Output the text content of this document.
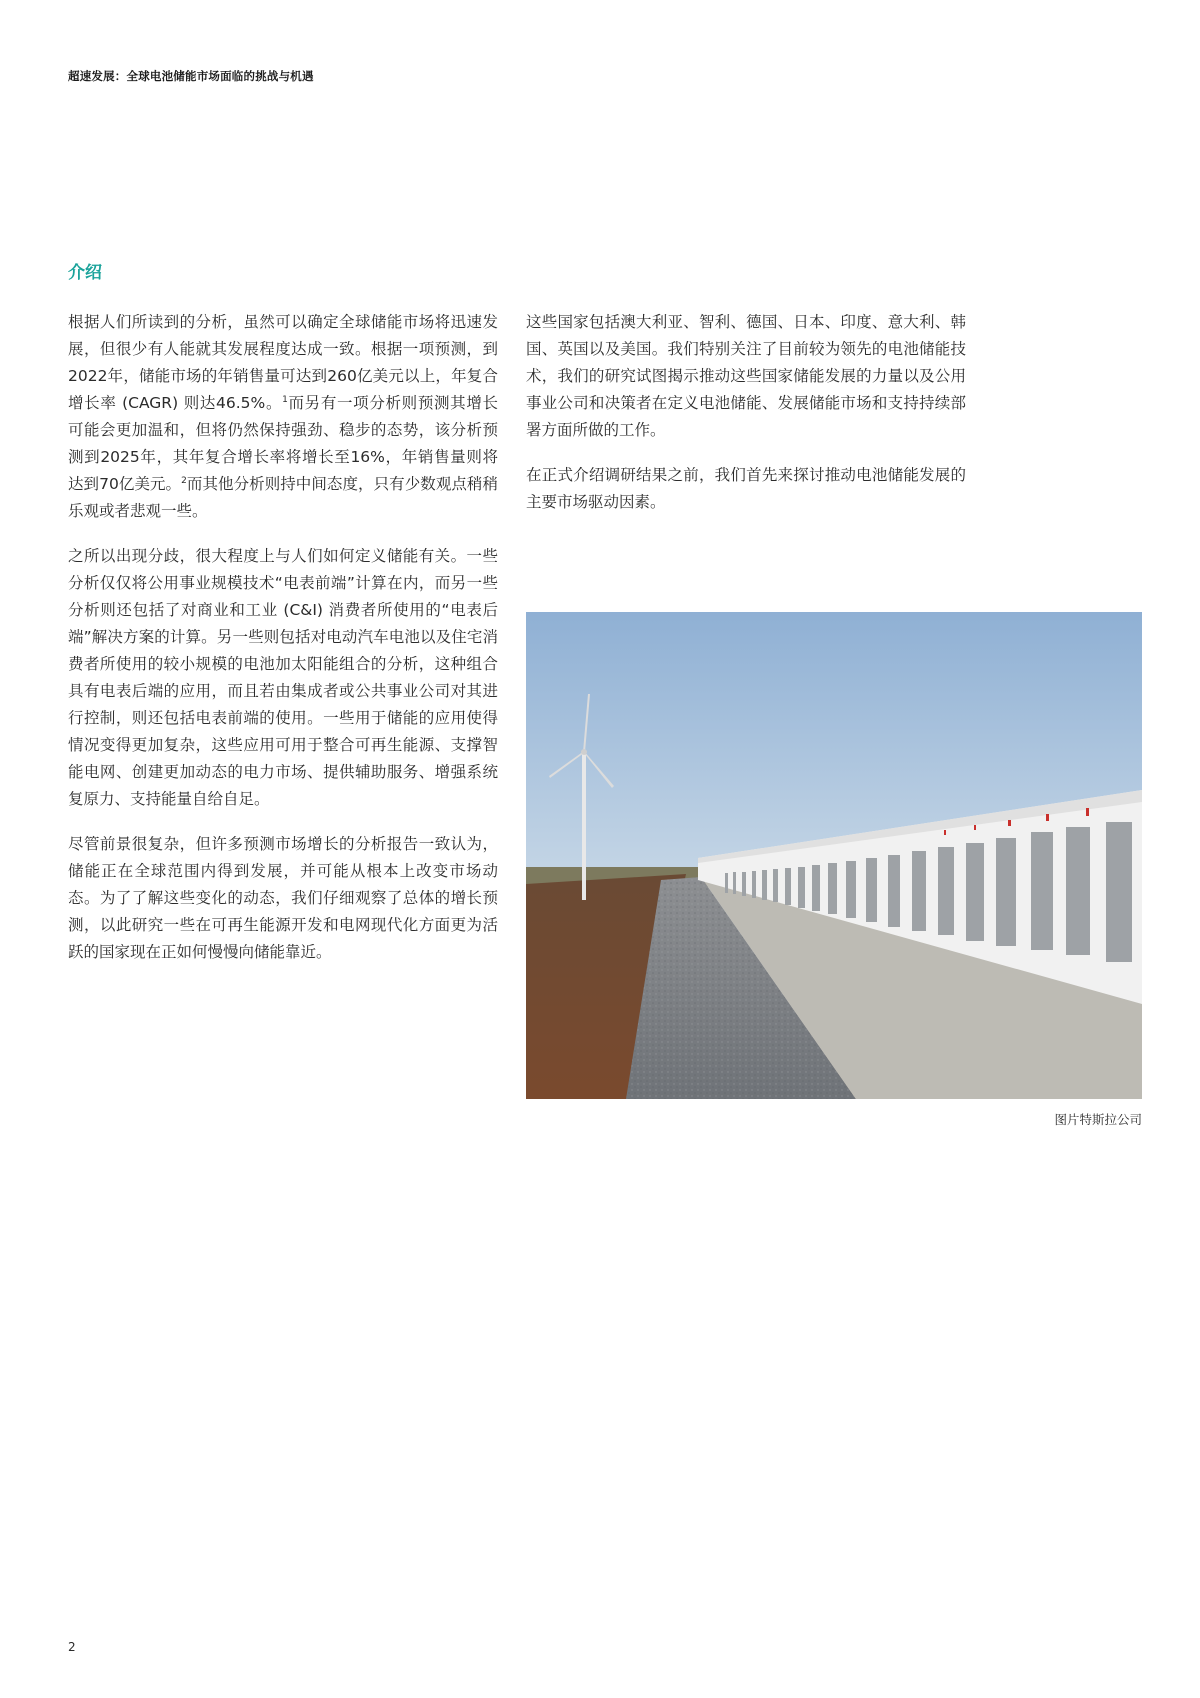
超速发展：全球电池储能市场面临的挑战与机遇
介绍

根据人们所读到的分析，虽然可以确定全球储能市场将迅速发展，但很少有人能就其发展程度达成一致。根据一项预测，到2022年，储能市场的年销售量可达到260亿美元以上，年复合增长率 (CAGR) 则达46.5%。$^1$而另有一项分析则预测其增长可能会更加温和，但将仍然保持强劲、稳步的态势，该分析预测到2025年，其年复合增长率将增长至16%，年销售量则将达到70亿美元。$^2$而其他分析则持中间态度，只有少数观点稍稍乐观或者悲观一些。

之所以出现分歧，很大程度上与人们如何定义储能有关。一些分析仅仅将公用事业规模技术“电表前端”计算在内，而另一些分析则还包括了对商业和工业 (C&I) 消费者所使用的“电表后端”解决方案的计算。另一些则包括对电动汽车电池以及住宅消费者所使用的较小规模的电池加太阳能组合的分析，这种组合具有电表后端的应用，而且若由集成者或公共事业公司对其进行控制，则还包括电表前端的使用。一些用于储能的应用使得情况变得更加复杂，这些应用可用于整合可再生能源、支撑智能电网、创建更加动态的电力市场、提供辅助服务、增强系统复原力、支持能量自给自足。

尽管前景很复杂，但许多预测市场增长的分析报告一致认为，储能正在全球范围内得到发展，并可能从根本上改变市场动态。为了了解这些变化的动态，我们仔细观察了总体的增长预测，以此研究一些在可再生能源开发和电网现代化方面更为活跃的国家现在正如何慢慢向储能靠近。

这些国家包括澳大利亚、智利、德国、日本、印度、意大利、韩国、英国以及美国。我们特别关注了目前较为领先的电池储能技术，我们的研究试图揭示推动这些国家储能发展的力量以及公用事业公司和决策者在定义电池储能、发展储能市场和支持持续部署方面所做的工作。

在正式介绍调研结果之前，我们首先来探讨推动电池储能发展的主要市场驱动因素。

图片特斯拉公司
2
